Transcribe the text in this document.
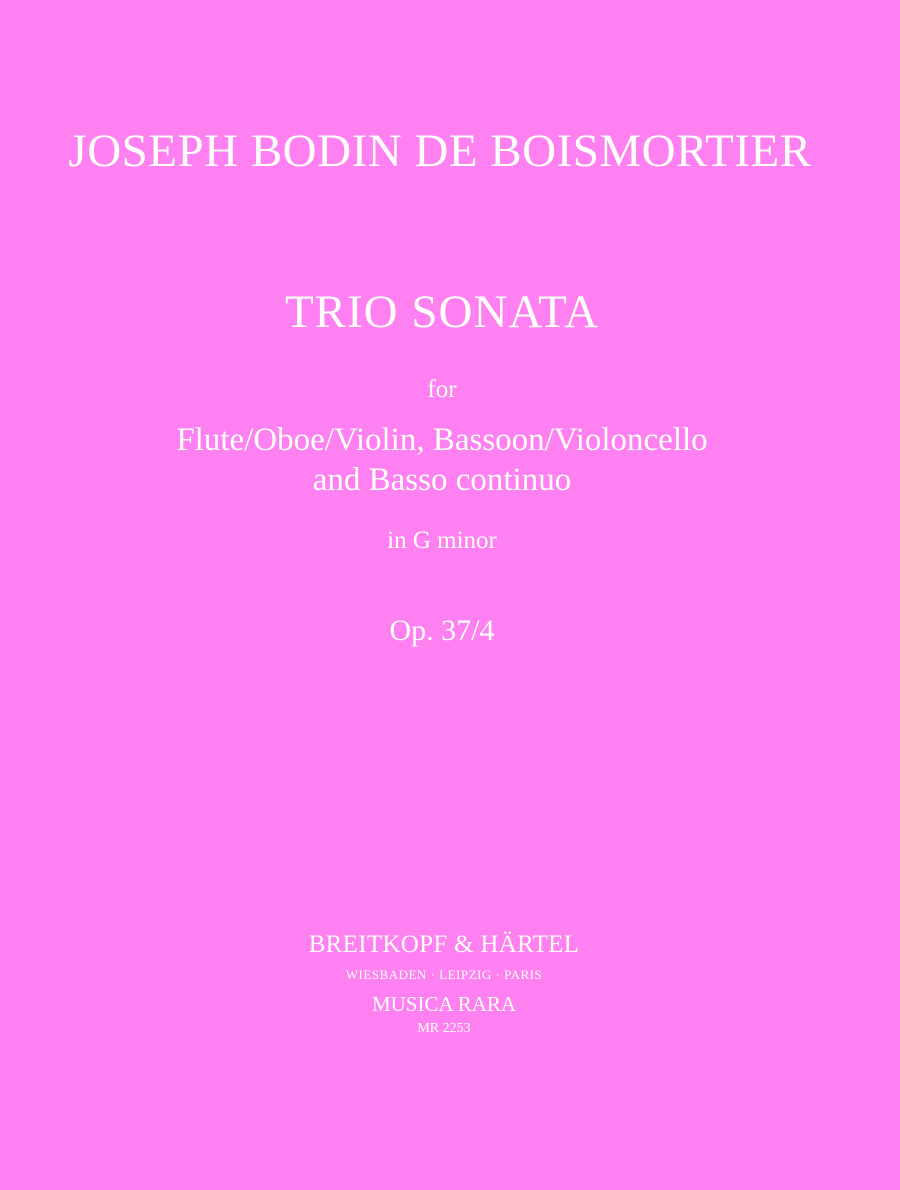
JOSEPH BODIN DE BOISMORTIER
TRIO SONATA
for
Flute/Oboe/Violin, Bassoon/Violoncello
and Basso continuo
in G minor
Op. 37/4
BREITKOPF & HÄRTEL
WIESBADEN · LEIPZIG · PARIS
MUSICA RARA
MR 2253
